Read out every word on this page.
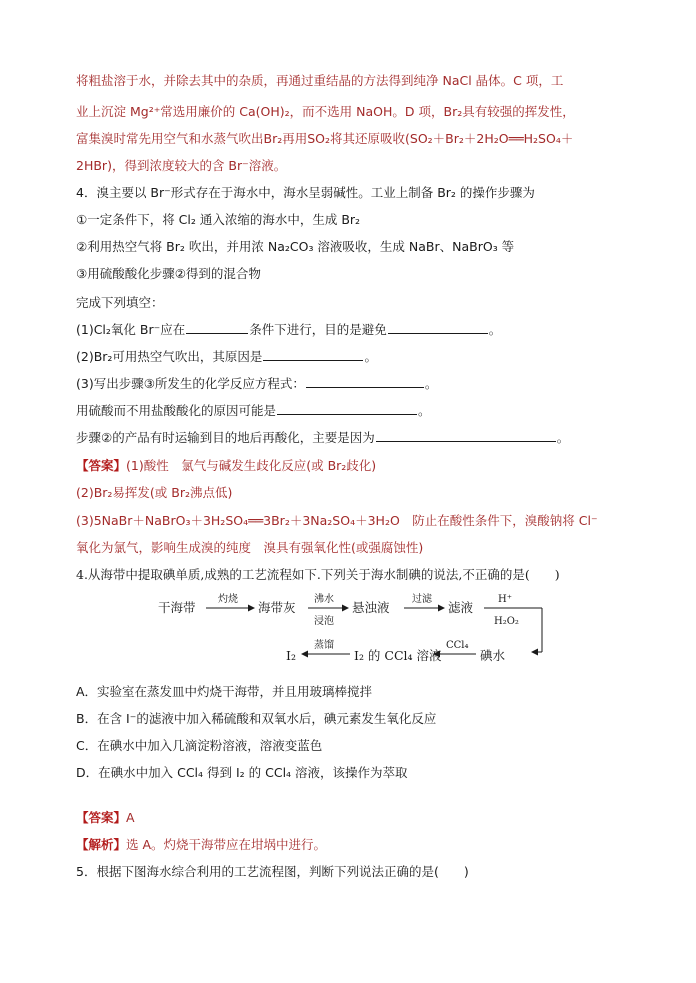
将粗盐溶于水，并除去其中的杂质，再通过重结晶的方法得到纯净 NaCl 晶体。C 项，工
业上沉淀 Mg²⁺常选用廉价的 Ca(OH)₂，而不选用 NaOH。D 项，Br₂具有较强的挥发性，
富集溴时常先用空气和水蒸气吹出Br₂再用SO₂将其还原吸收(SO₂＋Br₂＋2H₂O══H₂SO₄＋
2HBr)，得到浓度较大的含 Br⁻溶液。
4．溴主要以 Br⁻形式存在于海水中，海水呈弱碱性。工业上制备 Br₂ 的操作步骤为
①一定条件下，将 Cl₂ 通入浓缩的海水中，生成 Br₂
②利用热空气将 Br₂ 吹出，并用浓 Na₂CO₃ 溶液吸收，生成 NaBr、NaBrO₃ 等
③用硫酸酸化步骤②得到的混合物
完成下列填空：
(1)Cl₂氧化 Br⁻应在	条件下进行，目的是避免	。
(2)Br₂可用热空气吹出，其原因是	。
(3)写出步骤③所发生的化学反应方程式：	。
用硫酸而不用盐酸酸化的原因可能是	。
步骤②的产品有时运输到目的地后再酸化，主要是因为	。
【答案】(1)酸性　氯气与碱发生歧化反应(或 Br₂歧化)
(2)Br₂易挥发(或 Br₂沸点低)
(3)5NaBr＋NaBrO₃＋3H₂SO₄══3Br₂＋3Na₂SO₄＋3H₂O　防止在酸性条件下，溴酸钠将 Cl⁻
氧化为氯气，影响生成溴的纯度　溴具有强氧化性(或强腐蚀性)
4.从海带中提取碘单质,成熟的工艺流程如下.下列关于海水制碘的说法,不正确的是(　　)
干海带
灼烧
海带灰
沸水
浸泡
悬浊液
过滤
滤液
H⁺
H₂O₂
碘水
CCl₄
I₂ 的 CCl₄ 溶液
蒸馏
I₂
A．实验室在蒸发皿中灼烧干海带，并且用玻璃棒搅拌
B．在含 I⁻的滤液中加入稀硫酸和双氧水后，碘元素发生氧化反应
C．在碘水中加入几滴淀粉溶液，溶液变蓝色
D．在碘水中加入 CCl₄ 得到 I₂ 的 CCl₄ 溶液，该操作为萃取
【答案】A
【解析】选 A。灼烧干海带应在坩埚中进行。
5．根据下图海水综合利用的工艺流程图，判断下列说法正确的是(　　)
